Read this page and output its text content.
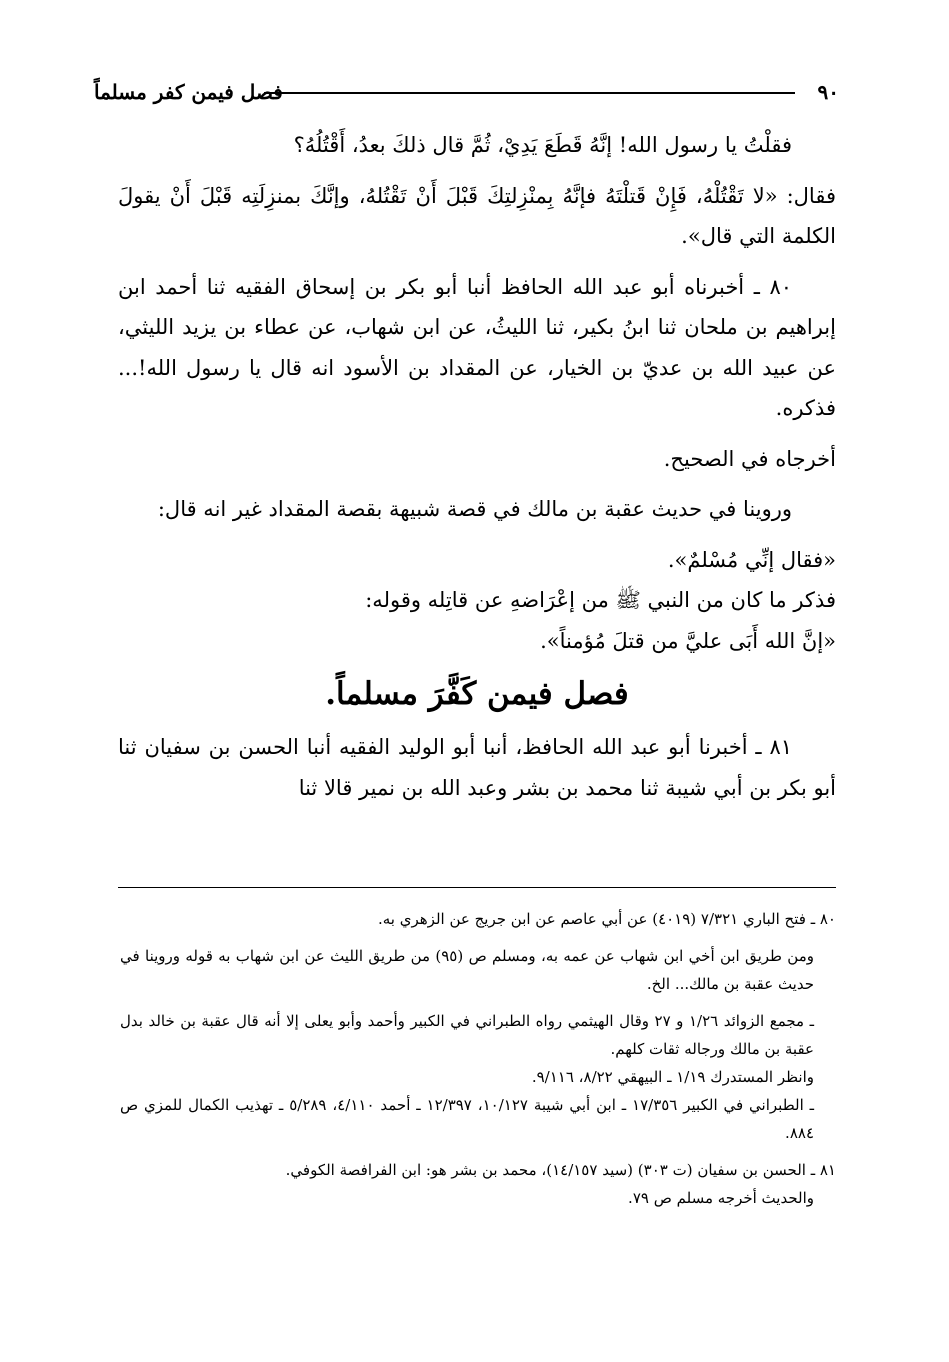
٩٠
فصل فيمن كفر مسلماً

فقلْتُ يا رسول الله! إنَّهُ قَطَعَ يَدِيْ، ثُمَّ قال ذلكَ بعدُ، أَقْتُلُهُ؟

فقال: «لا تَقْتُلْهُ، فَإِنْ قَتلْتَهُ فإنَّهُ بِمنْزِلتِكَ قَبْلَ أَنْ تَقْتُلهُ، وإنَّكَ بمنزِلَتِه قَبْلَ أَنْ يقولَ الكلمة التي قال».

٨٠ ـ أخبرناه أبو عبد الله الحافظ أنبا أبو بكر بن إسحاق الفقيه ثنا أحمد ابن إبراهيم بن ملحان ثنا ابنُ بكير، ثنا الليثُ، عن ابن شهاب، عن عطاء بن يزيد الليثي، عن عبيد الله بن عديّ بن الخيار، عن المقداد بن الأسود انه قال يا رسول الله!... فذكره.

أخرجاه في الصحيح.

وروينا في حديث عقبة بن مالك في قصة شبيهة بقصة المقداد غير انه قال:

«فقال إنِّي مُسْلمٌ».

فذكر ما كان من النبي ﷺ من إعْرَاضهِ عن قاتِله وقوله:

«إنَّ الله أَبَى عليَّ من قتلَ مُؤمناً».

فصل فيمن كَفَّرَ مسلماً.

٨١ ـ أخبرنا أبو عبد الله الحافظ، أنبا أبو الوليد الفقيه أنبا الحسن بن سفيان ثنا أبو بكر بن أبي شيبة ثنا محمد بن بشر وعبد الله بن نمير قالا ثنا

٨٠ ـ فتح الباري ٧/٣٢١ (٤٠١٩) عن أبي عاصم عن ابن جريج عن الزهري به.

ومن طريق ابن أخي ابن شهاب عن عمه به، ومسلم ص (٩٥) من طريق الليث عن ابن شهاب به قوله وروينا في حديث عقبة بن مالك... الخ.

ـ مجمع الزوائد ١/٢٦ و ٢٧ وقال الهيثمي رواه الطبراني في الكبير وأحمد وأبو يعلى إلا أنه قال عقبة بن خالد بدل عقبة بن مالك ورجاله ثقات كلهم.

وانظر المستدرك ١/١٩ ـ البيهقي ٨/٢٢، ٩/١١٦.

ـ الطبراني في الكبير ١٧/٣٥٦ ـ ابن أبي شيبة ١٠/١٢٧، ١٢/٣٩٧ ـ أحمد ٤/١١٠، ٥/٢٨٩ ـ تهذيب الكمال للمزي ص ٨٨٤.

٨١ ـ الحسن بن سفيان (ت ٣٠٣) (سيد ١٤/١٥٧)، محمد بن بشر هو: ابن الفرافصة الكوفي.

والحديث أخرجه مسلم ص ٧٩.
